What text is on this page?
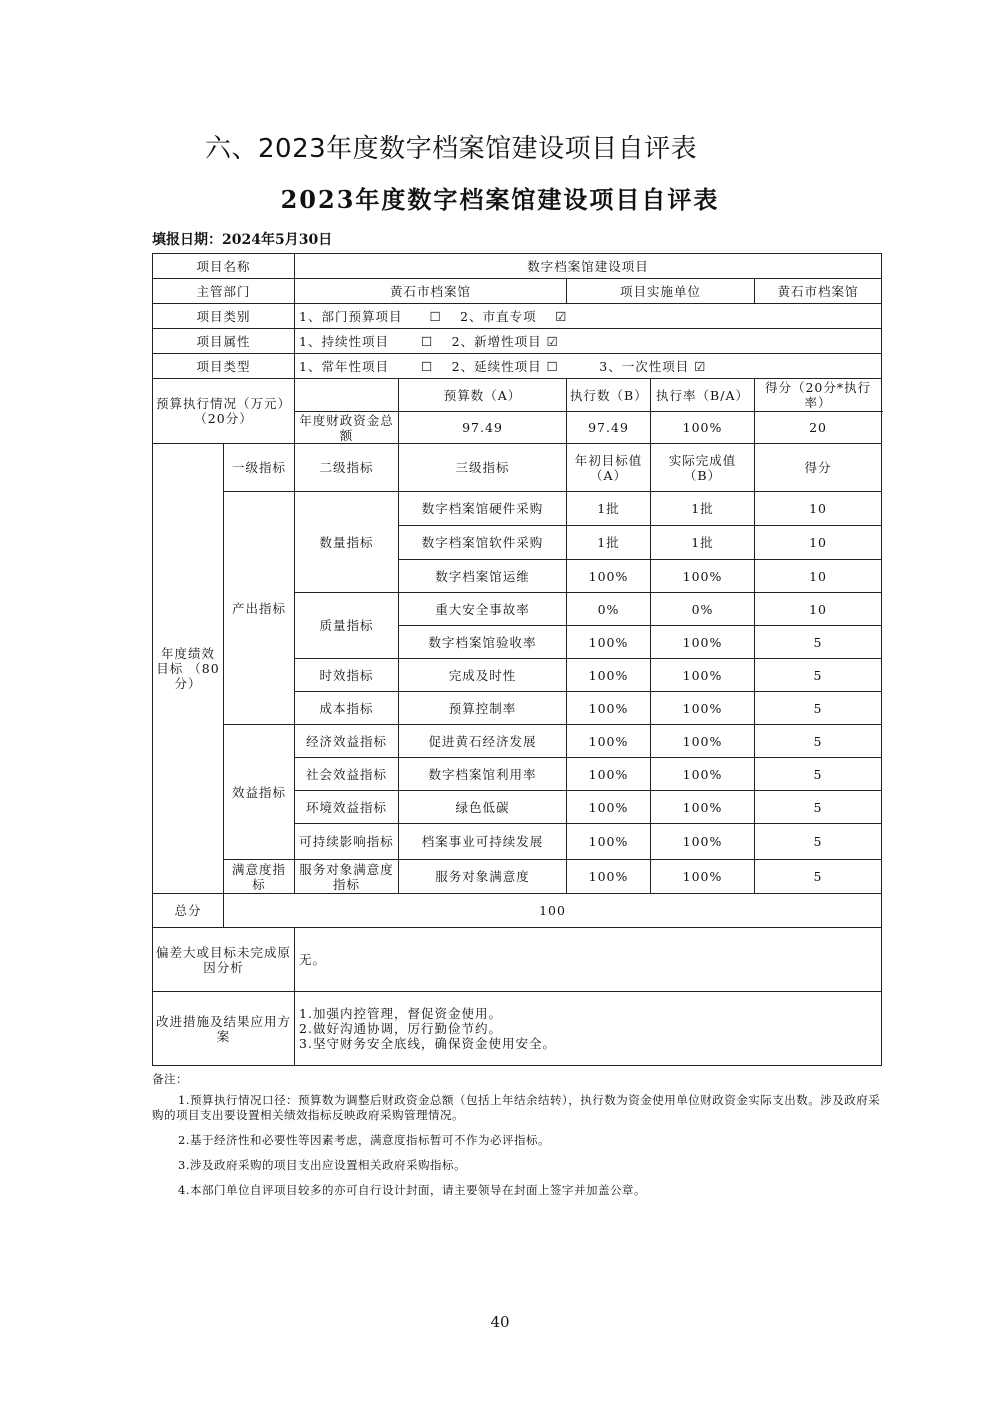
六、2023年度数字档案馆建设项目自评表
2023年度数字档案馆建设项目自评表
填报日期：2024年5月30日
项目名称		数字档案馆建设项目				
主管部门		黄石市档案馆		项目实施单位		黄石市档案馆
项目类别		1、部门预算项目　　☐　 2、市直专项　 ☑				
项目属性		1、持续性项目　　 ☐　 2、新增性项目 ☑				
项目类型		1、常年性项目　　 ☐　 2、延续性项目 ☐　　　3、一次性项目 ☑				
预算执行情况（万元）（20分）			预算数（A）	执行数（B）	执行率（B/A）	得分（20分*执行率）
		年度财政资金总额	97.49	97.49	100%	20
年度绩效目标 （80分）	一级指标	二级指标	三级指标	年初目标值（A）	实际完成值（B）	得分
	产出指标	数量指标	数字档案馆硬件采购	1批	1批	10
			数字档案馆软件采购	1批	1批	10
			数字档案馆运维	100%	100%	10
		质量指标	重大安全事故率	0%	0%	10
			数字档案馆验收率	100%	100%	5
		时效指标	完成及时性	100%	100%	5
		成本指标	预算控制率	100%	100%	5
	效益指标	经济效益指标	促进黄石经济发展	100%	100%	5
		社会效益指标	数字档案馆利用率	100%	100%	5
		环境效益指标	绿色低碳	100%	100%	5
		可持续影响指标	档案事业可持续发展	100%	100%	5
	满意度指标	服务对象满意度指标	服务对象满意度	100%	100%	5
总分	100					
偏差大或目标未完成原因分析		无。				
改进措施及结果应用方案		1.加强内控管理，督促资金使用。
2.做好沟通协调，厉行勤俭节约。
3.坚守财务安全底线，确保资金使用安全。				

备注：

1.预算执行情况口径：预算数为调整后财政资金总额（包括上年结余结转），执行数为资金使用单位财政资金实际支出数。涉及政府采购的项目支出要设置相关绩效指标反映政府采购管理情况。

2.基于经济性和必要性等因素考虑，满意度指标暂可不作为必评指标。

3.涉及政府采购的项目支出应设置相关政府采购指标。

4.本部门单位自评项目较多的亦可自行设计封面，请主要领导在封面上签字并加盖公章。

40
